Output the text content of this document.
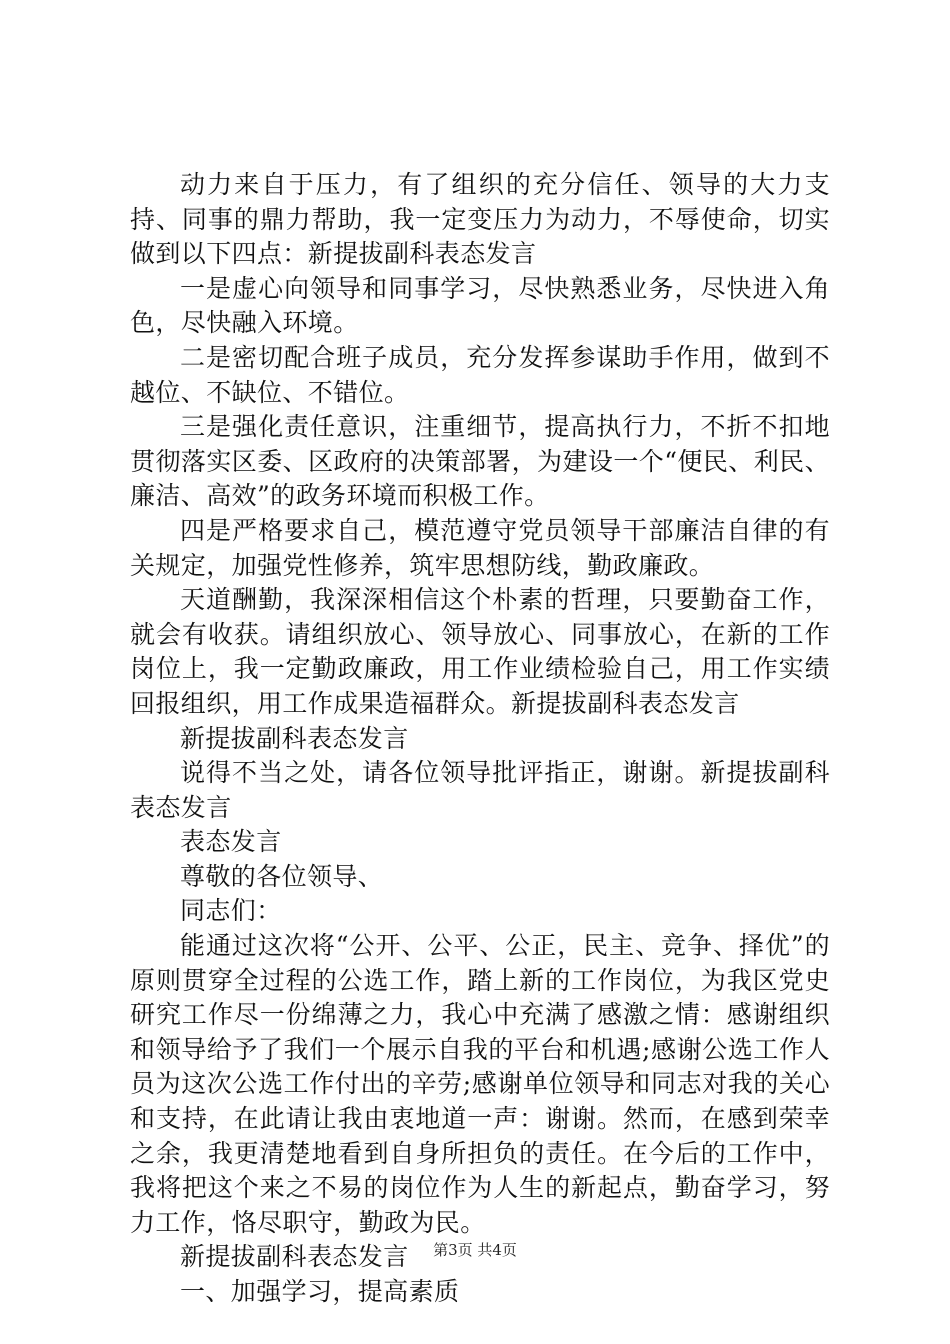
动力来自于压力，有了组织的充分信任、领导的大力支持、同事的鼎力帮助，我一定变压力为动力，不辱使命，切实做到以下四点：新提拔副科表态发言

一是虚心向领导和同事学习，尽快熟悉业务，尽快进入角色，尽快融入环境。

二是密切配合班子成员，充分发挥参谋助手作用，做到不越位、不缺位、不错位。

三是强化责任意识，注重细节，提高执行力，不折不扣地贯彻落实区委、区政府的决策部署，为建设一个“便民、利民、廉洁、高效”的政务环境而积极工作。

四是严格要求自己，模范遵守党员领导干部廉洁自律的有关规定，加强党性修养，筑牢思想防线，勤政廉政。

天道酬勤，我深深相信这个朴素的哲理，只要勤奋工作，就会有收获。请组织放心、领导放心、同事放心，在新的工作岗位上，我一定勤政廉政，用工作业绩检验自己，用工作实绩回报组织，用工作成果造福群众。新提拔副科表态发言

新提拔副科表态发言

说得不当之处，请各位领导批评指正，谢谢。新提拔副科表态发言

表态发言

尊敬的各位领导、

同志们：

能通过这次将“公开、公平、公正，民主、竞争、择优”的原则贯穿全过程的公选工作，踏上新的工作岗位，为我区党史研究工作尽一份绵薄之力，我心中充满了感激之情：感谢组织和领导给予了我们一个展示自我的平台和机遇;感谢公选工作人员为这次公选工作付出的辛劳;感谢单位领导和同志对我的关心和支持，在此请让我由衷地道一声：谢谢。然而，在感到荣幸之余，我更清楚地看到自身所担负的责任。在今后的工作中，我将把这个来之不易的岗位作为人生的新起点，勤奋学习，努力工作，恪尽职守，勤政为民。

新提拔副科表态发言

一、加强学习，提高素质

第3页 共4页
